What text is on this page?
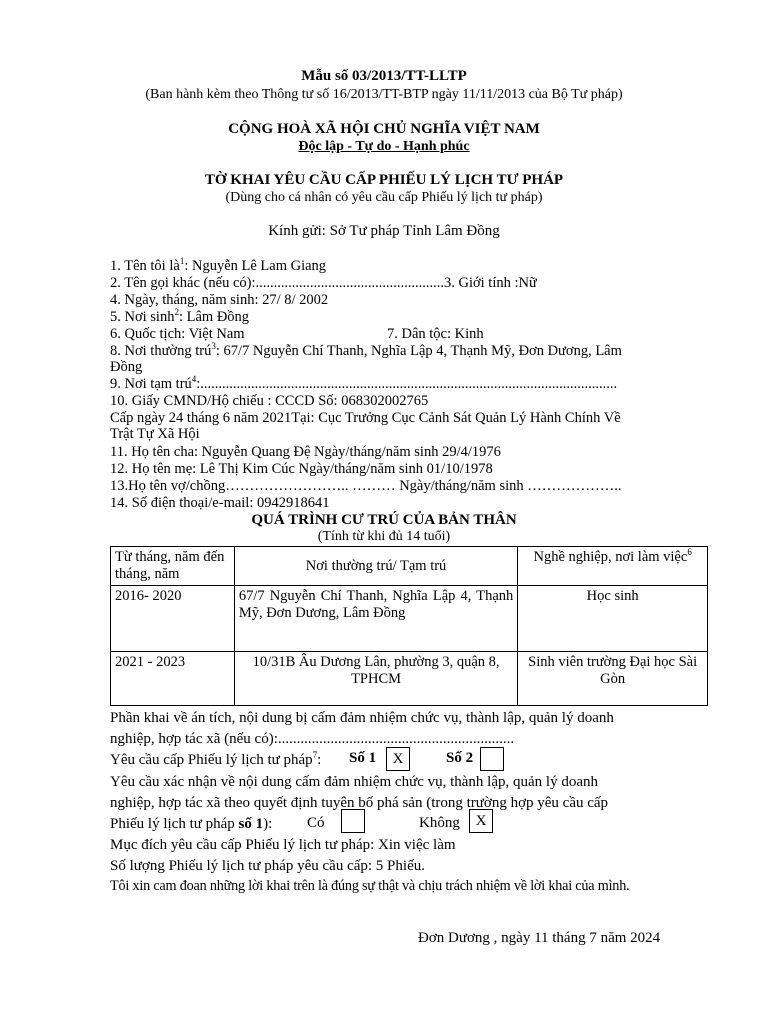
Mẫu số 03/2013/TT-LLTP
(Ban hành kèm theo Thông tư số 16/2013/TT-BTP ngày 11/11/2013 của Bộ Tư pháp)
CỘNG HOÀ XÃ HỘI CHỦ NGHĨA VIỆT NAM
Độc lập - Tự do - Hạnh phúc
TỜ KHAI YÊU CẦU CẤP PHIẾU LÝ LỊCH TƯ PHÁP
(Dùng cho cá nhân có yêu cầu cấp Phiếu lý lịch tư pháp)
Kính gửi: Sở Tư pháp Tỉnh Lâm Đồng
1. Tên tôi $là^1$: Nguyễn Lê Lam Giang
2. Tên gọi khác (nếu có):....................................................3. Giới tính :Nữ
4. Ngày, tháng, năm sinh: 27/ 8/ 2002
5. Nơi $\sinh^2$: Lâm Đồng
6. Quốc tịch: Việt Nam	7. Dân tộc: Kinh
8. Nơi thường trú$^3$: 67/7 Nguyễn Chí Thanh, Nghĩa Lập 4, Thạnh Mỹ, Đơn Dương, Lâm
Đồng
9. Nơi tạm trú$^4$:...................................................................................................................
10. Giấy CMND/Hộ chiếu : CCCD Số: 068302002765
Cấp ngày 24 tháng 6 năm 2021Tại: Cục Trưởng Cục Cảnh Sát Quản Lý Hành Chính Về
Trật Tự Xã Hội
11. Họ tên cha: Nguyễn Quang Đệ Ngày/tháng/năm sinh 29/4/1976
12. Họ tên mẹ: Lê Thị Kim Cúc Ngày/tháng/năm sinh 01/10/1978
13.Họ tên vợ/chồng…………………….. ……… Ngày/tháng/năm sinh ………………..
14. Số điện thoại/e-mail: 0942918641
QUÁ TRÌNH CƯ TRÚ CỦA BẢN THÂN
(Tính từ khi đủ 14 tuổi)
Từ tháng, năm đến tháng, năm	Nơi thường trú/ Tạm trú	Nghề nghiệp, nơi làm việc$^6$
2016- 2020	67/7 Nguyễn Chí Thanh, Nghĩa Lập 4, Thạnh Mỹ, Đơn Dương, Lâm Đồng	Học sinh
2021 - 2023	10/31B Âu Dương Lân, phường 3, quận 8, TPHCM	Sinh viên trường Đại học Sài Gòn
Phần khai về án tích, nội dung bị cấm đảm nhiệm chức vụ, thành lập, quản lý doanh
nghiệp, hợp tác xã (nếu có):...............................................................
Yêu cầu cấp Phiếu lý lịch tư pháp$^7$:	Số 1	X	Số 2
Yêu cầu xác nhận về nội dung cấm đảm nhiệm chức vụ, thành lập, quản lý doanh
nghiệp, hợp tác xã theo quyết định tuyên bố phá sản (trong trường hợp yêu cầu cấp
Phiếu lý lịch tư pháp số 1):	Có	Không	X
Mục đích yêu cầu cấp Phiếu lý lịch tư pháp: Xin việc làm
Số lượng Phiếu lý lịch tư pháp yêu cầu cấp: 5 Phiếu.
Tôi xin cam đoan những lời khai trên là đúng sự thật và chịu trách nhiệm về lời khai của mình.
Đơn Dương , ngày 11 tháng 7 năm 2024
